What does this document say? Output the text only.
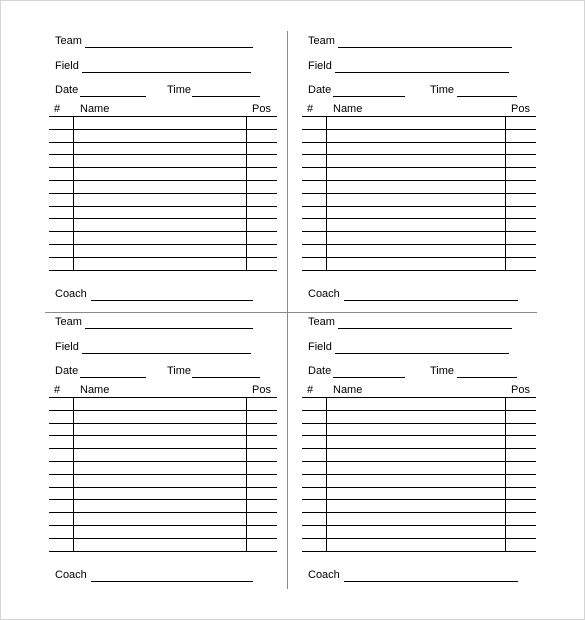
Team
Field
Date	Time
# Name	Pos
Coach
Team
Field
Date	Time
# Name	Pos
Coach
Team
Field
Date	Time
# Name	Pos
Coach
Team
Field
Date	Time
# Name	Pos
Coach
